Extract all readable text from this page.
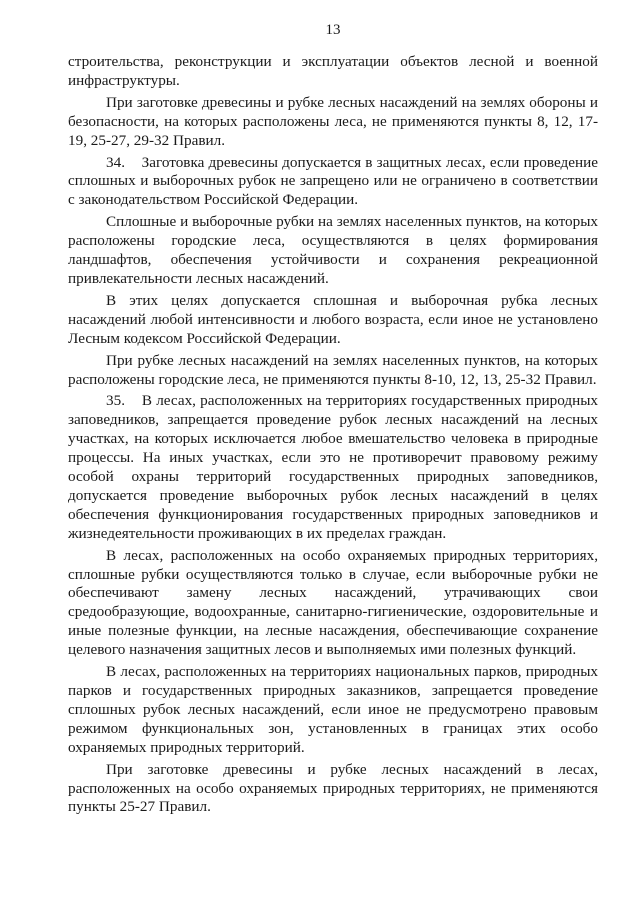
13

строительства, реконструкции и эксплуатации объектов лесной и военной инфраструктуры.

При заготовке древесины и рубке лесных насаждений на землях обороны и безопасности, на которых расположены леса, не применяются пункты 8, 12, 17-19, 25-27, 29-32 Правил.

34.    Заготовка древесины допускается в защитных лесах, если проведение сплошных и выборочных рубок не запрещено или не ограничено в соответствии с законодательством Российской Федерации.

Сплошные и выборочные рубки на землях населенных пунктов, на которых расположены городские леса, осуществляются в целях формирования ландшафтов, обеспечения устойчивости и сохранения рекреационной привлекательности лесных насаждений.

В этих целях допускается сплошная и выборочная рубка лесных насаждений любой интенсивности и любого возраста, если иное не установлено Лесным кодексом Российской Федерации.

При рубке лесных насаждений на землях населенных пунктов, на которых расположены городские леса, не применяются пункты 8-10, 12, 13, 25-32 Правил.

35.    В лесах, расположенных на территориях государственных природных заповедников, запрещается проведение рубок лесных насаждений на лесных участках, на которых исключается любое вмешательство человека в природные процессы. На иных участках, если это не противоречит правовому режиму особой охраны территорий государственных природных заповедников, допускается проведение выборочных рубок лесных насаждений в целях обеспечения функционирования государственных природных заповедников и жизнедеятельности проживающих в их пределах граждан.

В лесах, расположенных на особо охраняемых природных территориях, сплошные рубки осуществляются только в случае, если выборочные рубки не обеспечивают замену лесных насаждений, утрачивающих свои средообразующие, водоохранные, санитарно-гигиенические, оздоровительные и иные полезные функции, на лесные насаждения, обеспечивающие сохранение целевого назначения защитных лесов и выполняемых ими полезных функций.

В лесах, расположенных на территориях национальных парков, природных парков и государственных природных заказников, запрещается проведение сплошных рубок лесных насаждений, если иное не предусмотрено правовым режимом функциональных зон, установленных в границах этих особо охраняемых природных территорий.

При заготовке древесины и рубке лесных насаждений в лесах, расположенных на особо охраняемых природных территориях, не применяются пункты 25-27 Правил.
